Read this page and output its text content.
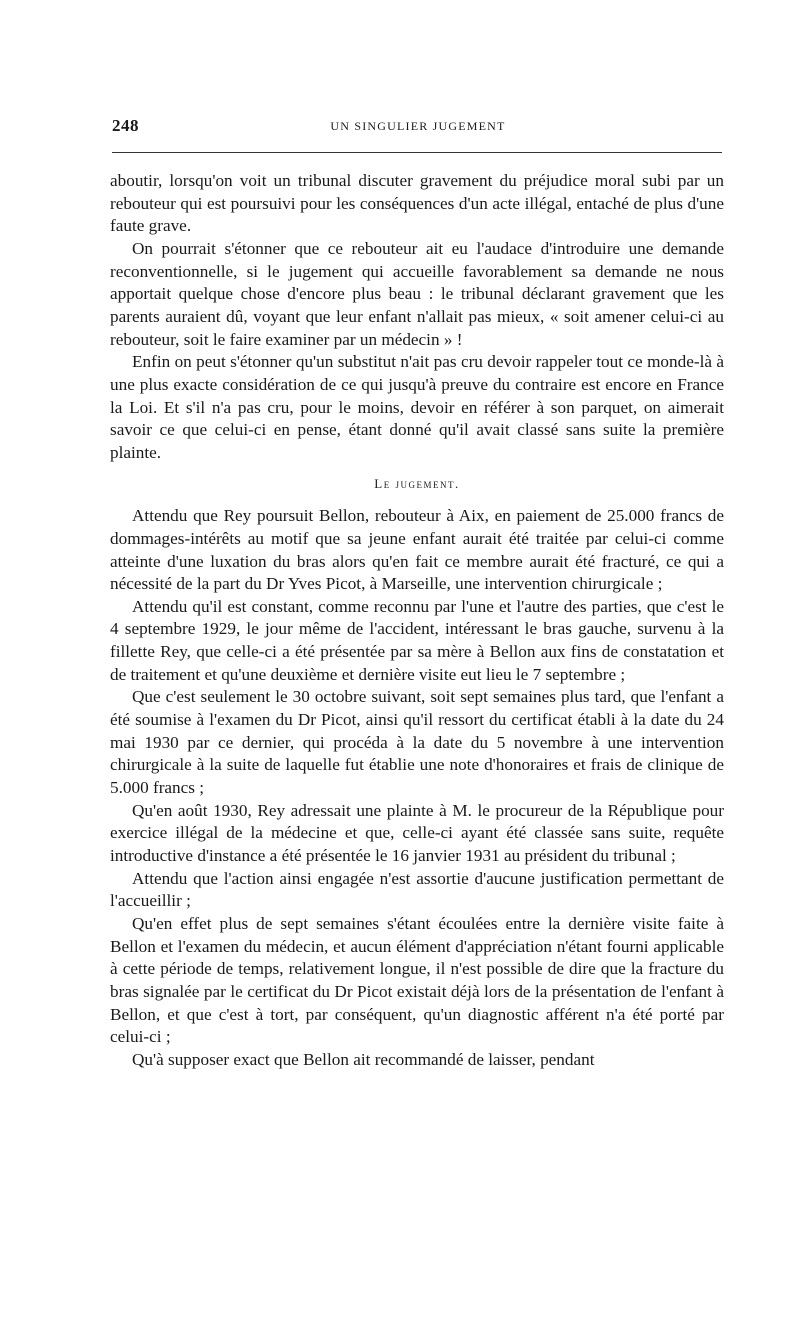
248	UN SINGULIER JUGEMENT

aboutir, lorsqu'on voit un tribunal discuter gravement du préjudice moral subi par un rebouteur qui est poursuivi pour les conséquences d'un acte illégal, entaché de plus d'une faute grave.

On pourrait s'étonner que ce rebouteur ait eu l'audace d'introduire une demande reconventionnelle, si le jugement qui accueille favorablement sa demande ne nous apportait quelque chose d'encore plus beau : le tribunal déclarant gravement que les parents auraient dû, voyant que leur enfant n'allait pas mieux, « soit amener celui-ci au rebouteur, soit le faire examiner par un médecin » !

Enfin on peut s'étonner qu'un substitut n'ait pas cru devoir rappeler tout ce monde-là à une plus exacte considération de ce qui jusqu'à preuve du contraire est encore en France la Loi. Et s'il n'a pas cru, pour le moins, devoir en référer à son parquet, on aimerait savoir ce que celui-ci en pense, étant donné qu'il avait classé sans suite la première plainte.

Le jugement.

Attendu que Rey poursuit Bellon, rebouteur à Aix, en paiement de 25.000 francs de dommages-intérêts au motif que sa jeune enfant aurait été traitée par celui-ci comme atteinte d'une luxation du bras alors qu'en fait ce membre aurait été fracturé, ce qui a nécessité de la part du Dr Yves Picot, à Marseille, une intervention chirurgicale ;

Attendu qu'il est constant, comme reconnu par l'une et l'autre des parties, que c'est le 4 septembre 1929, le jour même de l'accident, intéressant le bras gauche, survenu à la fillette Rey, que celle-ci a été présentée par sa mère à Bellon aux fins de constatation et de traitement et qu'une deuxième et dernière visite eut lieu le 7 septembre ;

Que c'est seulement le 30 octobre suivant, soit sept semaines plus tard, que l'enfant a été soumise à l'examen du Dr Picot, ainsi qu'il ressort du certificat établi à la date du 24 mai 1930 par ce dernier, qui procéda à la date du 5 novembre à une intervention chirurgicale à la suite de laquelle fut établie une note d'honoraires et frais de clinique de 5.000 francs ;

Qu'en août 1930, Rey adressait une plainte à M. le procureur de la République pour exercice illégal de la médecine et que, celle-ci ayant été classée sans suite, requête introductive d'instance a été présentée le 16 janvier 1931 au président du tribunal ;

Attendu que l'action ainsi engagée n'est assortie d'aucune justification permettant de l'accueillir ;

Qu'en effet plus de sept semaines s'étant écoulées entre la dernière visite faite à Bellon et l'examen du médecin, et aucun élément d'appréciation n'étant fourni applicable à cette période de temps, relativement longue, il n'est possible de dire que la fracture du bras signalée par le certificat du Dr Picot existait déjà lors de la présentation de l'enfant à Bellon, et que c'est à tort, par conséquent, qu'un diagnostic afférent n'a été porté par celui-ci ;

Qu'à supposer exact que Bellon ait recommandé de laisser, pendant
